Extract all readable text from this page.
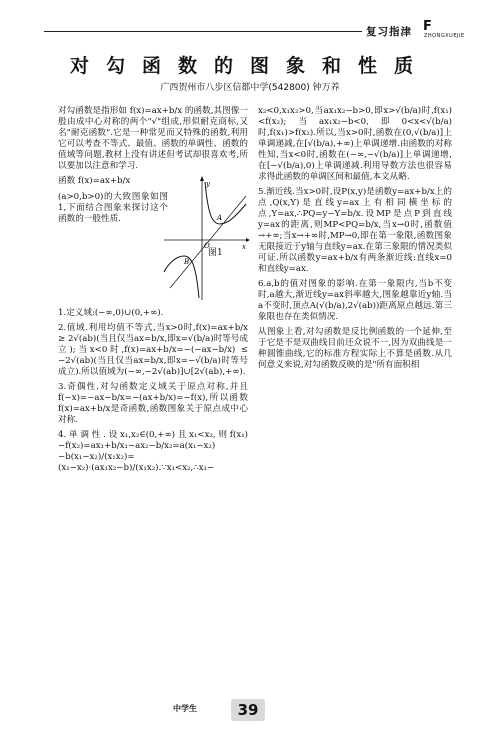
复习指津 F
ZHONGXUEJIE
对勾函数的图象和性质
广西贺州市八步区信都中学(542800) 钟万养

对勾函数是指形如 f(x)=ax+b/x 的函数,其图像一般由成中心对称的两个"√"组成,形似耐克商标,又名"耐克函数".它是一种常见而又特殊的函数,利用它可以考查不等式、最值、函数的单调性、函数的值域等问题,教材上没有讲述但考试却很喜欢考,所以要加以注意和学习.

函数 f(x)=ax+b/x

(a>0,b>0)的大致图象如图1,下面结合图象来探讨这个函数的一般性质.

y
x
O
A
B
图1

1.定义域:(−∞,0)∪(0,+∞).

2.值域.利用均值不等式,当x>0时,f(x)=ax+b/x ≥ 2√(ab)(当且仅当ax=b/x,即x=√(b/a)时等号成立);当x<0时,f(x)=ax+b/x=−(−ax−b/x) ≤ −2√(ab)(当且仅当ax=b/x,即x=−√(b/a)时等号成立).所以值域为(−∞,−2√(ab)]∪[2√(ab),+∞).

3.奇偶性.对勾函数定义域关于原点对称,并且f(−x)=−ax−b/x=−(ax+b/x)=−f(x),所以函数f(x)=ax+b/x是奇函数,函数图象关于原点成中心对称.

4.单调性.设x₁,x₂∈(0,+∞)且x₁<x₂,则f(x₁)−f(x₂)=ax₁+b/x₁−ax₂−b/x₂=a(x₁−x₂)−b(x₁−x₂)/(x₁x₂)=(x₁−x₂)·(ax₁x₂−b)/(x₁x₂).∵x₁<x₂,∴x₁−

x₂<0,x₁x₂>0,当ax₁x₂−b>0,即x>√(b/a)时,f(x₁)<f(x₂);当ax₁x₂−b<0,即0<x<√(b/a)时,f(x₁)>f(x₂).所以,当x>0时,函数在(0,√(b/a)]上单调递减,在[√(b/a),+∞)上单调递增.由函数的对称性知,当x<0时,函数在(−∞,−√(b/a)]上单调递增,在[−√(b/a),0)上单调递减.利用导数方法也很容易求得此函数的单调区间和最值,本文从略.

5.渐近线.当x>0时,设P(x,y)是函数y=ax+b/x上的点,Q(x,Y)是直线y=ax上有相同横坐标的点,Y=ax,∴PQ=y−Y=b/x.设MP是点P到直线y=ax的距离,则MP<PQ=b/x,当x→0时,函数值→+∞;当x→+∞时,MP→0,即在第一象限,函数图象无限接近于y轴与直线y=ax.在第三象限的情况类似可证.所以函数y=ax+b/x有两条渐近线:直线x=0和直线y=ax.

6.a,b的值对图象的影响.在第一象限内,当b不变时,a越大,渐近线y=ax斜率越大,图象越靠近y轴.当a不变时,顶点A(√(b/a),2√(ab))距离原点越远.第三象限也存在类似情况.

从图象上看,对勾函数是反比例函数的一个延伸,至于它是不是双曲线目前还众说不一,因为双曲线是一种圆锥曲线,它的标准方程实际上不算是函数.从几何意义来说,对勾函数反映的是"所有面积相

中学生	39
